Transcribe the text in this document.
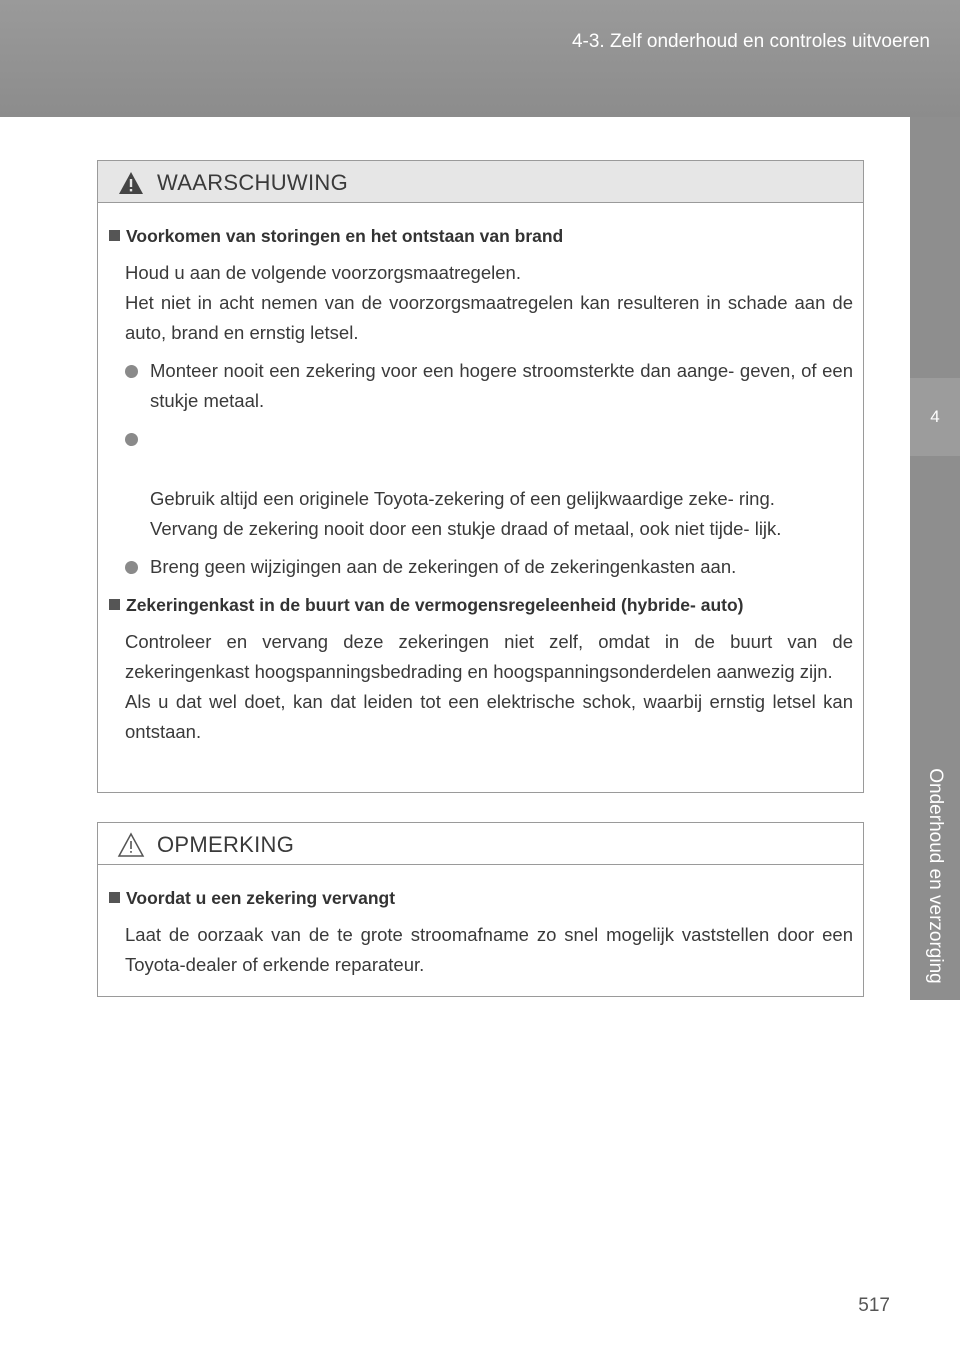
4-3. Zelf onderhoud en controles uitvoeren
4
Onderhoud en verzorging
WAARSCHUWING
Voorkomen van storingen en het ontstaan van brand
Houd u aan de volgende voorzorgsmaatregelen.
Het niet in acht nemen van de voorzorgsmaatregelen kan resulteren in schade aan de auto, brand en ernstig letsel.
Monteer nooit een zekering voor een hogere stroomsterkte dan aange- geven, of een stukje metaal.

Gebruik altijd een originele Toyota-zekering of een gelijkwaardige zeke- ring.
Vervang de zekering nooit door een stukje draad of metaal, ook niet tijde- lijk.

Breng geen wijzigingen aan de zekeringen of de zekeringenkasten aan.
Zekeringenkast in de buurt van de vermogensregeleenheid (hybride- auto)
Controleer en vervang deze zekeringen niet zelf, omdat in de buurt van de zekeringenkast hoogspanningsbedrading en hoogspanningsonderdelen aanwezig zijn.
Als u dat wel doet, kan dat leiden tot een elektrische schok, waarbij ernstig letsel kan ontstaan.
OPMERKING
Voordat u een zekering vervangt
Laat de oorzaak van de te grote stroomafname zo snel mogelijk vaststellen door een Toyota-dealer of erkende reparateur.
517
